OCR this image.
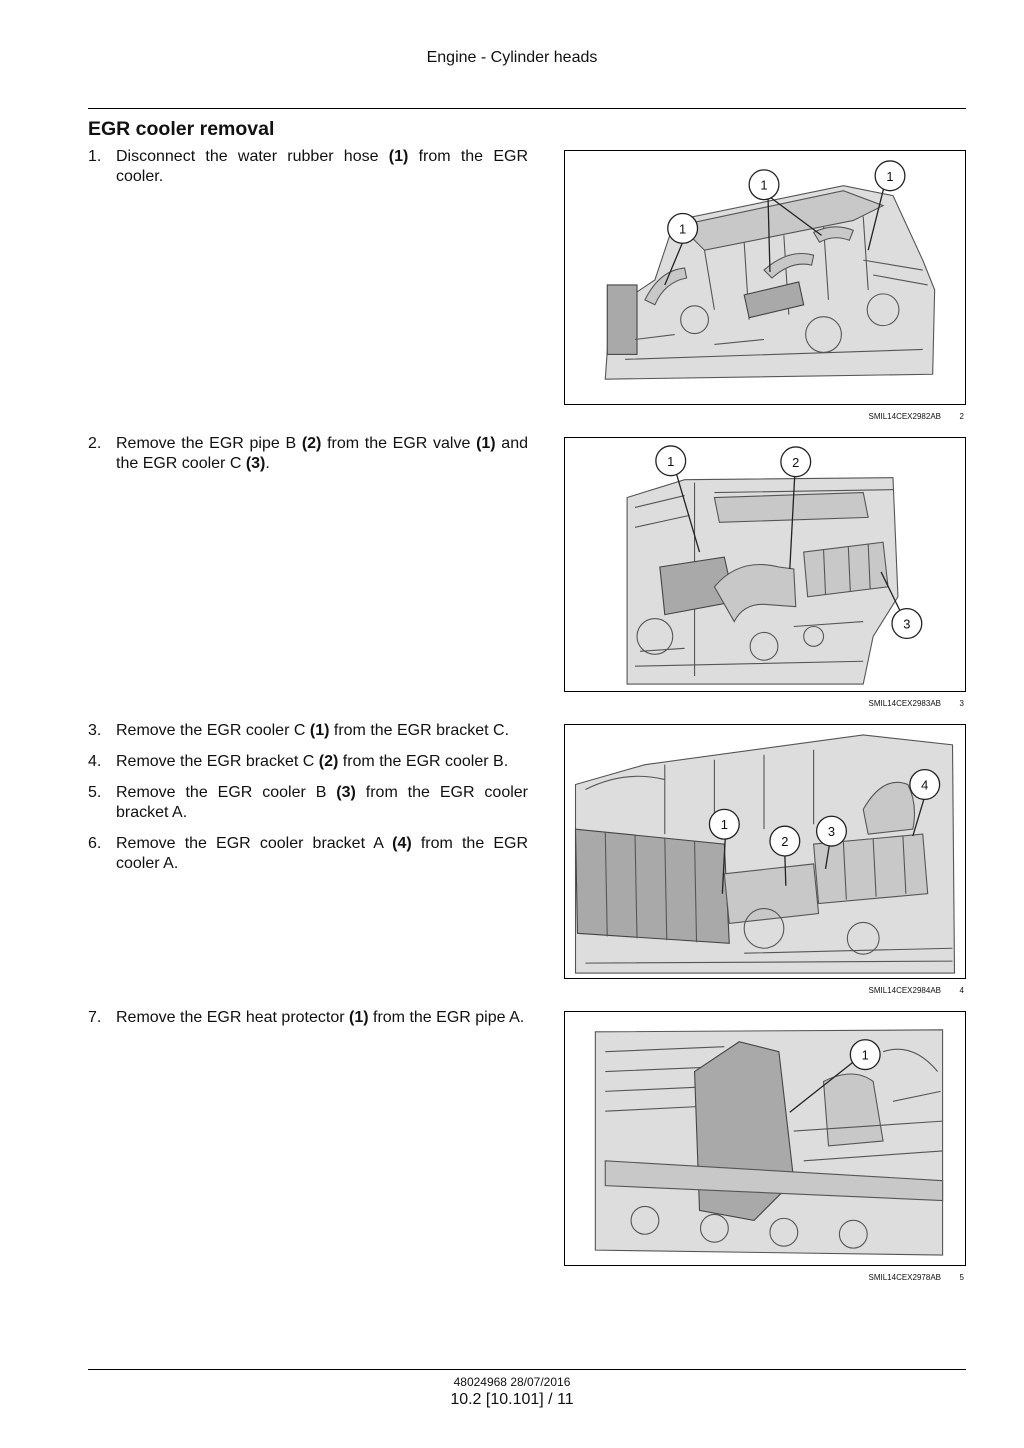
Engine - Cylinder heads
EGR cooler removal
1. Disconnect the water rubber hose (1) from the EGR cooler.
2. Remove the EGR pipe B (2) from the EGR valve (1) and the EGR cooler C (3).
3. Remove the EGR cooler C (1) from the EGR bracket C.
4. Remove the EGR bracket C (2) from the EGR cooler B.
5. Remove the EGR cooler B (3) from the EGR cooler bracket A.
6. Remove the EGR cooler bracket A (4) from the EGR cooler A.
7. Remove the EGR heat protector (1) from the EGR pipe A.
1
1
1
SMIL14CEX2982AB 2
1	2
3
SMIL14CEX2983AB 3
1
2
3
4
SMIL14CEX2984AB 4
1
SMIL14CEX2978AB 5
48024968 28/07/2016
10.2 [10.101] / 11
